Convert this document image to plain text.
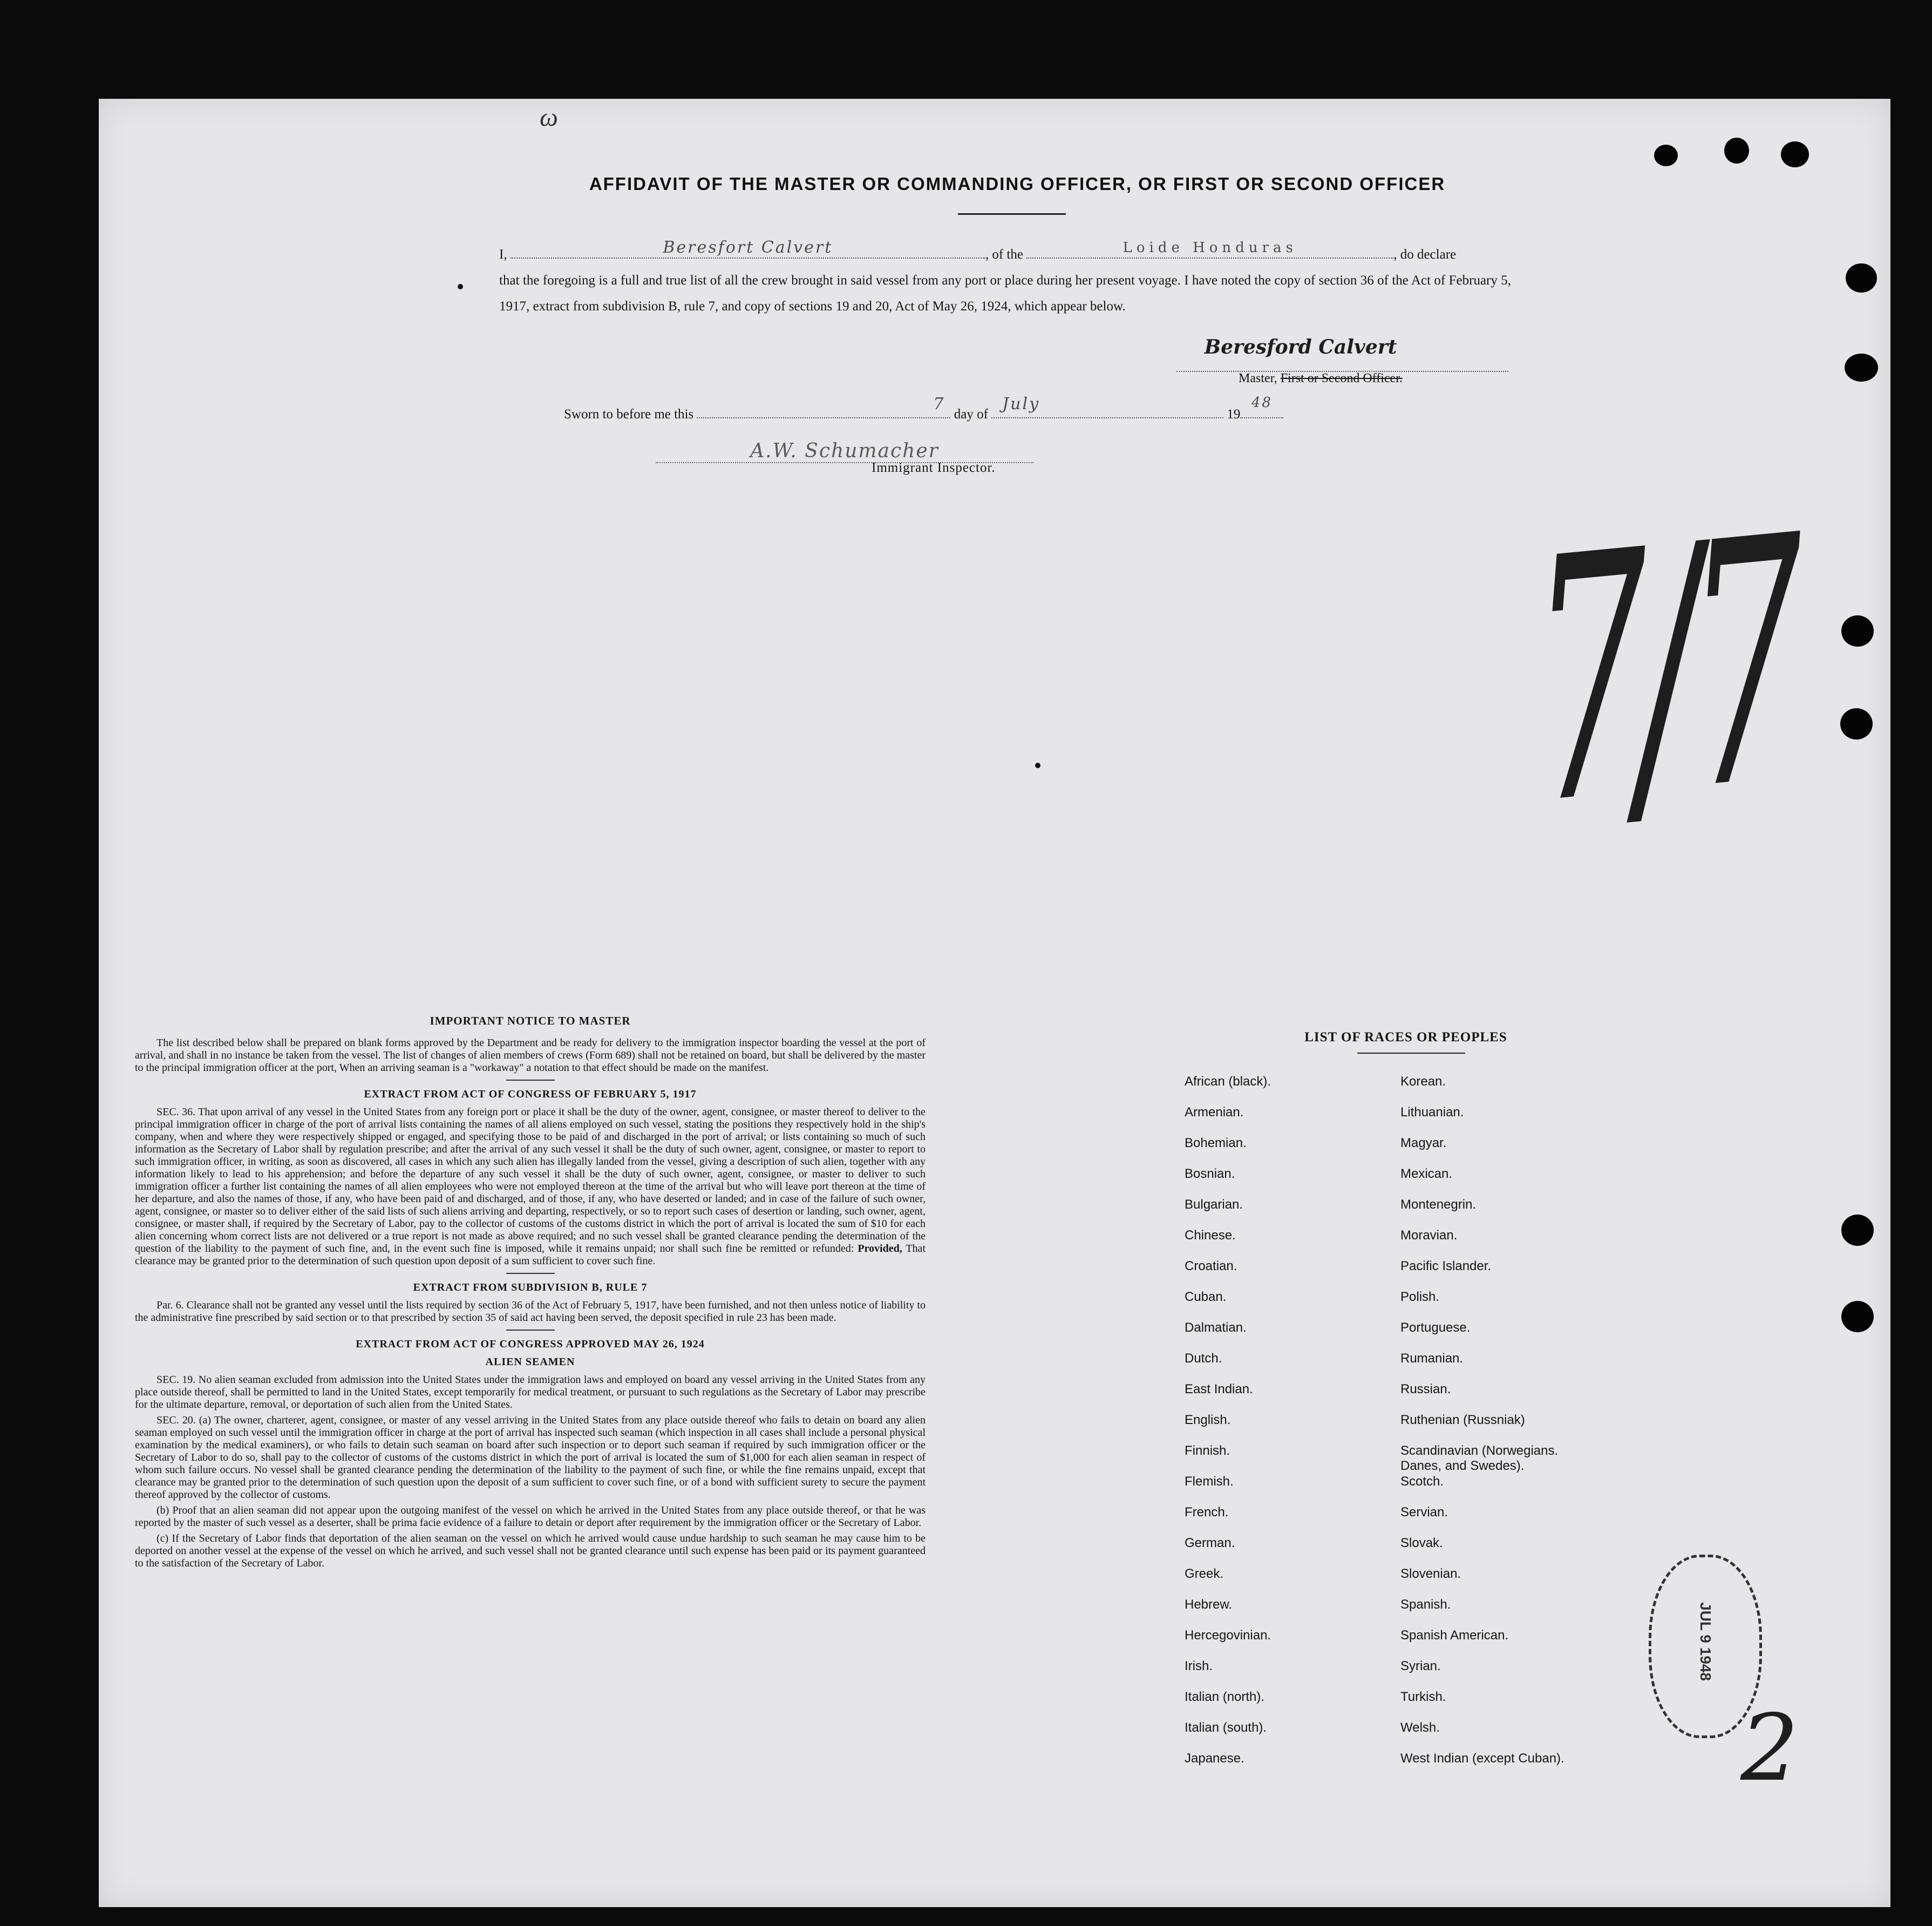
ω
AFFIDAVIT OF THE MASTER OR COMMANDING OFFICER, OR FIRST OR SECOND OFFICER
I,	Beresfort Calvert	, of the	Loide Honduras	, do declare
that the foregoing is a full and true list of all the crew brought in said vessel from any port or place during her present voyage. I have noted the copy of section 36 of the Act of February 5, 1917, extract from subdivision B, rule 7, and copy of sections 19 and 20, Act of May 26, 1924, which appear below.
Beresford Calvert
Master, First or Second Officer.
Sworn to before me this
7
day of
July
19
48
A.W. Schumacher
Immigrant Inspector. 7/7
IMPORTANT NOTICE TO MASTER

The list described below shall be prepared on blank forms approved by the Department and be ready for delivery to the immigration inspector boarding the vessel at the port of arrival, and shall in no instance be taken from the vessel. The list of changes of alien members of crews (Form 689) shall not be retained on board, but shall be delivered by the master to the principal immigration officer at the port, When an arriving seaman is a "workaway" a notation to that effect should be made on the manifest.

EXTRACT FROM ACT OF CONGRESS OF FEBRUARY 5, 1917

SEC. 36. That upon arrival of any vessel in the United States from any foreign port or place it shall be the duty of the owner, agent, consignee, or master thereof to deliver to the principal immigration officer in charge of the port of arrival lists containing the names of all aliens employed on such vessel, stating the positions they respectively hold in the ship's company, when and where they were respectively shipped or engaged, and specifying those to be paid of and discharged in the port of arrival; or lists containing so much of such information as the Secretary of Labor shall by regulation prescribe; and after the arrival of any such vessel it shall be the duty of such owner, agent, consignee, or master to report to such immigration officer, in writing, as soon as discovered, all cases in which any such alien has illegally landed from the vessel, giving a description of such alien, together with any information likely to lead to his apprehension; and before the departure of any such vessel it shall be the duty of such owner, agent, consignee, or master to deliver to such immigration officer a further list containing the names of all alien employees who were not employed thereon at the time of the arrival but who will leave port thereon at the time of her departure, and also the names of those, if any, who have been paid of and discharged, and of those, if any, who have deserted or landed; and in case of the failure of such owner, agent, consignee, or master so to deliver either of the said lists of such aliens arriving and departing, respectively, or so to report such cases of desertion or landing, such owner, agent, consignee, or master shall, if required by the Secretary of Labor, pay to the collector of customs of the customs district in which the port of arrival is located the sum of $10 for each alien concerning whom correct lists are not delivered or a true report is not made as above required; and no such vessel shall be granted clearance pending the determination of the question of the liability to the payment of such fine, and, in the event such fine is imposed, while it remains unpaid; nor shall such fine be remitted or refunded: Provided, That clearance may be granted prior to the determination of such question upon deposit of a sum sufficient to cover such fine.

EXTRACT FROM SUBDIVISION B, RULE 7

Par. 6. Clearance shall not be granted any vessel until the lists required by section 36 of the Act of February 5, 1917, have been furnished, and not then unless notice of liability to the administrative fine prescribed by said section or to that prescribed by section 35 of said act having been served, the deposit specified in rule 23 has been made.

EXTRACT FROM ACT OF CONGRESS APPROVED MAY 26, 1924
ALIEN SEAMEN

SEC. 19. No alien seaman excluded from admission into the United States under the immigration laws and employed on board any vessel arriving in the United States from any place outside thereof, shall be permitted to land in the United States, except temporarily for medical treatment, or pursuant to such regulations as the Secretary of Labor may prescribe for the ultimate departure, removal, or deportation of such alien from the United States.

SEC. 20. (a) The owner, charterer, agent, consignee, or master of any vessel arriving in the United States from any place outside thereof who fails to detain on board any alien seaman employed on such vessel until the immigration officer in charge at the port of arrival has inspected such seaman (which inspection in all cases shall include a personal physical examination by the medical examiners), or who fails to detain such seaman on board after such inspection or to deport such seaman if required by such immigration officer or the Secretary of Labor to do so, shall pay to the collector of customs of the customs district in which the port of arrival is located the sum of $1,000 for each alien seaman in respect of whom such failure occurs. No vessel shall be granted clearance pending the determination of the liability to the payment of such fine, or while the fine remains unpaid, except that clearance may be granted prior to the determination of such question upon the deposit of a sum sufficient to cover such fine, or of a bond with sufficient surety to secure the payment thereof approved by the collector of customs.

(b) Proof that an alien seaman did not appear upon the outgoing manifest of the vessel on which he arrived in the United States from any place outside thereof, or that he was reported by the master of such vessel as a deserter, shall be prima facie evidence of a failure to detain or deport after requirement by the immigration officer or the Secretary of Labor.

(c) If the Secretary of Labor finds that deportation of the alien seaman on the vessel on which he arrived would cause undue hardship to such seaman he may cause him to be deported on another vessel at the expense of the vessel on which he arrived, and such vessel shall not be granted clearance until such expense has been paid or its payment guaranteed to the satisfaction of the Secretary of Labor.

LIST OF RACES OR PEOPLES
African (black).	Korean.
Armenian.	Lithuanian.
Bohemian.	Magyar.
Bosnian.	Mexican.
Bulgarian.	Montenegrin.
Chinese.	Moravian.
Croatian.	Pacific Islander.
Cuban.	Polish.
Dalmatian.	Portuguese.
Dutch.	Rumanian.
East Indian.	Russian.
English.	Ruthenian (Russniak)
Finnish.	Scandinavian (Norwegians. Danes, and Swedes).
Flemish.	Scotch.
French.	Servian.
German.	Slovak.
Greek.	Slovenian.
Hebrew.	Spanish.
Hercegovinian.	Spanish American.
Irish.	Syrian.
Italian (north).	Turkish.
Italian (south).	Welsh.
Japanese.	West Indian (except Cuban).
JUL 9 1948
2
